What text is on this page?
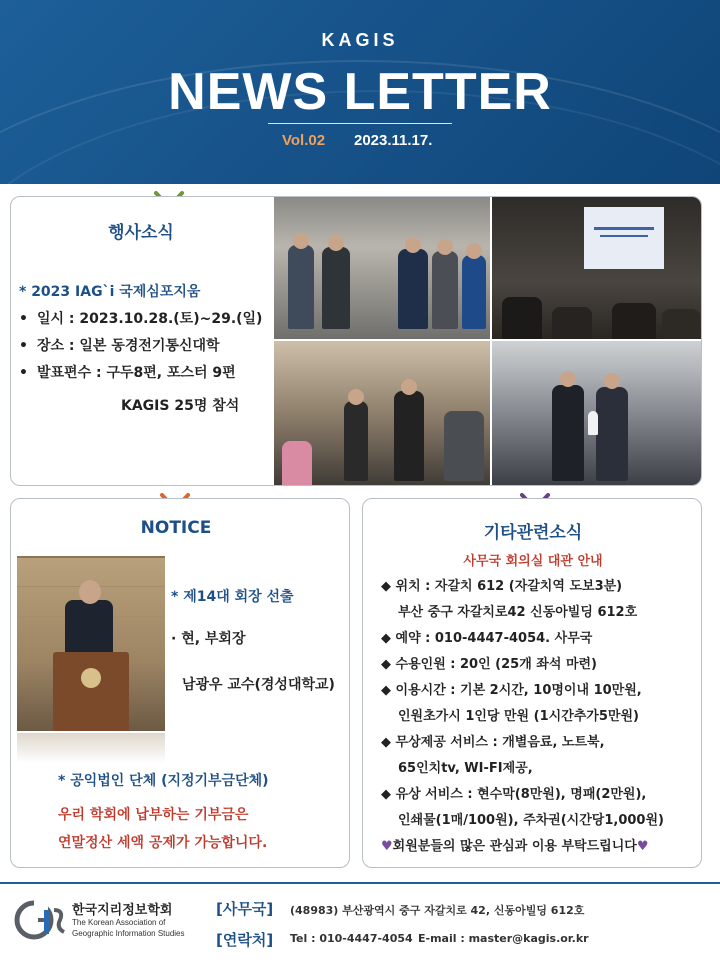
KAGIS
NEWS LETTER
Vol.02 2023.11.17.
행사소식
* 2023 IAG`i 국제심포지움
• 일시 : 2023.10.28.(토)~29.(일)
• 장소 : 일본 동경전기통신대학
• 발표편수 : 구두8편, 포스터 9편
KAGIS 25명 참석
NOTICE
* 제14대 회장 선출
· 현, 부회장
남광우 교수(경성대학교)
* 공익법인 단체 (지정기부금단체)
우리 학회에 납부하는 기부금은
연말정산 세액 공제가 가능합니다.
기타관련소식
사무국 회의실 대관 안내
◆ 위치 : 자갈치 612 (자갈치역 도보3분)
부산 중구 자갈치로42 신동아빌딩 612호
◆ 예약 : 010-4447-4054. 사무국
◆ 수용인원 : 20인 (25개 좌석 마련)
◆ 이용시간 : 기본 2시간, 10명이내 10만원,
인원초가시 1인당 만원 (1시간추가5만원)
◆ 무상제공 서비스 : 개별음료, 노트북,
65인치tv, WI-FI제공,
◆ 유상 서비스 : 현수막(8만원), 명패(2만원),
인쇄물(1매/100원), 주차권(시간당1,000원)
♥회원분들의 많은 관심과 이용 부탁드립니다♥
한국지리정보학회
The Korean Association of
Geographic Information Studies
[사무국] (48983) 부산광역시 중구 자갈치로 42, 신동아빌딩 612호
[연락처] Tel : 010-4447-4054 E-mail : master@kagis.or.kr
